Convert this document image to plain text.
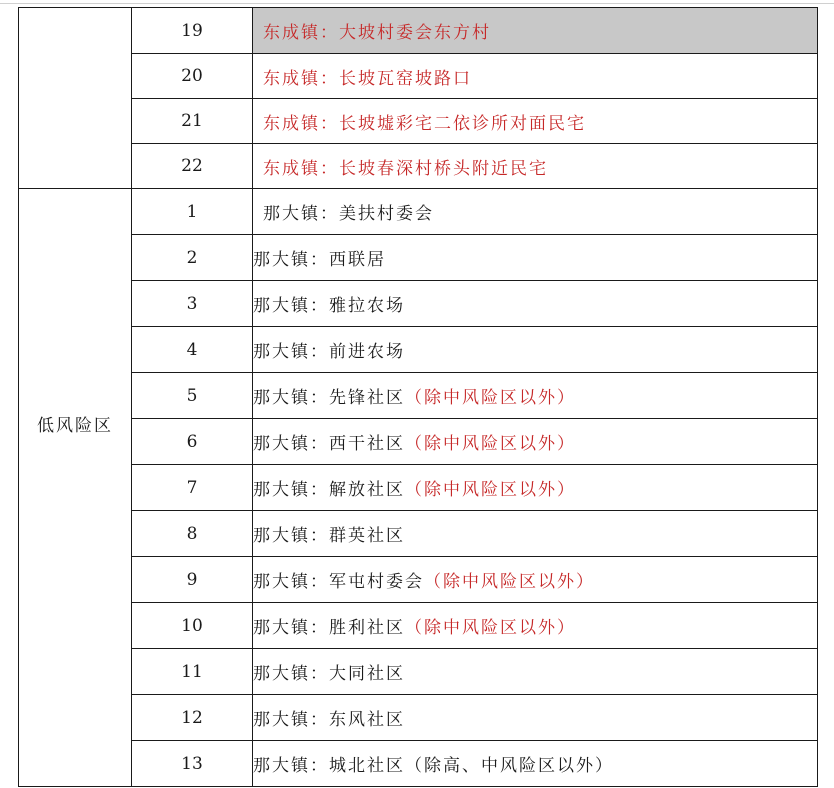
	19	东成镇：大坡村委会东方村
	20	东成镇：长坡瓦窑坡路口
	21	东成镇：长坡墟彩宅二依诊所对面民宅
	22	东成镇：长坡春深村桥头附近民宅
低风险区	1	那大镇：美扶村委会
	2	那大镇：西联居
	3	那大镇：雅拉农场
	4	那大镇：前进农场
	5	那大镇：先锋社区（除中风险区以外）
	6	那大镇：西干社区（除中风险区以外）
	7	那大镇：解放社区（除中风险区以外）
	8	那大镇：群英社区
	9	那大镇：军屯村委会（除中风险区以外）
	10	那大镇：胜利社区（除中风险区以外）
	11	那大镇：大同社区
	12	那大镇：东风社区
	13	那大镇：城北社区（除高、中风险区以外）
